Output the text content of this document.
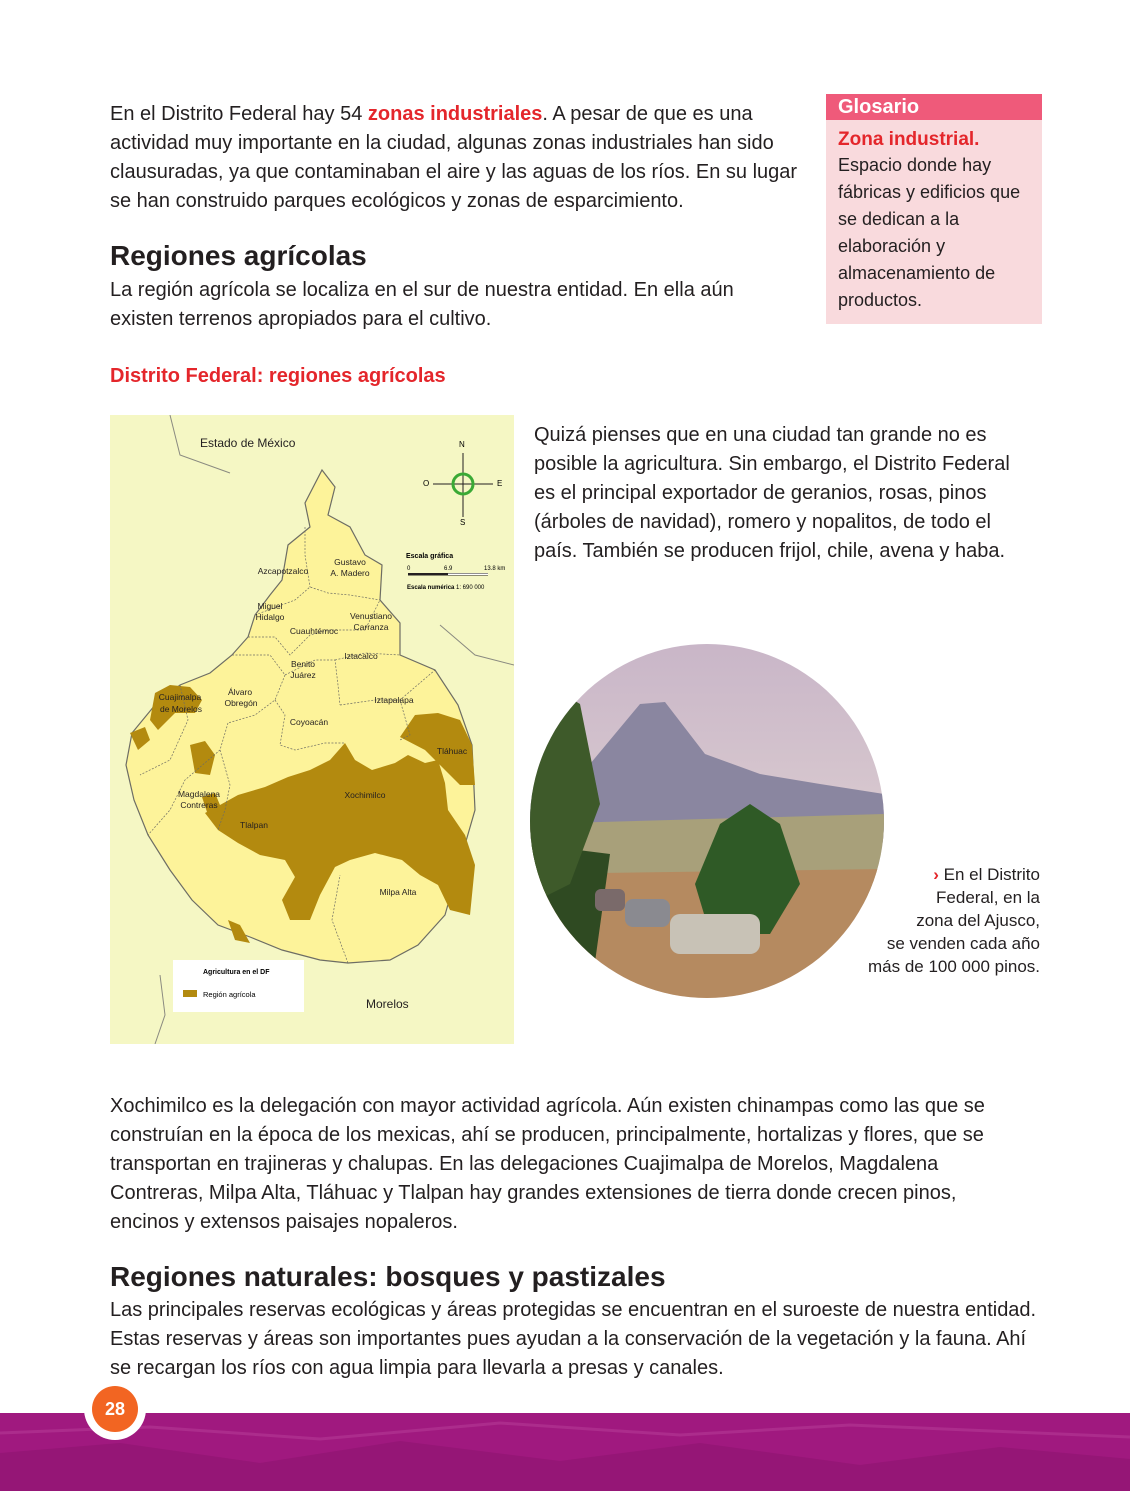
En el Distrito Federal hay 54 zonas industriales. A pesar de que es una actividad muy importante en la ciudad, algunas zonas industriales han sido clausuradas, ya que contaminaban el aire y las aguas de los ríos. En su lugar se han construido parques ecológicos y zonas de esparcimiento.

Glosario
Zona industrial.
Espacio donde hay fábricas y edificios que se dedican a la elaboración y almacenamiento de productos.
Regiones agrícolas

La región agrícola se localiza en el sur de nuestra entidad. En ella aún existen terrenos apropiados para el cultivo.

Distrito Federal: regiones agrícolas
Estado de México
Morelos
N
S
E
O
Escala gráfica
0	6.9	13.8 km
Escala numérica 1: 690 000
Azcapotzalco
Gustavo
A. Madero
Miguel
Hidalgo
Cuauhtémoc
Venustiano
Carranza
Benito
Juárez
Iztacalco
Cuajimalpa
de Morelos
Álvaro
Obregón	Iztapalapa
Coyoacán
Tláhuac
Magdalena
Contreras
Xochimilco
Tlalpan
Milpa Alta
Agricultura en el DF
Región agrícola

Quizá pienses que en una ciudad tan grande no es posible la agricultura. Sin embargo, el Distrito Federal es el principal exportador de geranios, rosas, pinos (árboles de navidad), romero y nopalitos, de todo el país. También se producen frijol, chile, avena y haba.

› En el Distrito
Federal, en la
zona del Ajusco,
se venden cada año
más de 100 000 pinos.

Xochimilco es la delegación con mayor actividad agrícola. Aún existen chinampas como las que se construían en la época de los mexicas, ahí se producen, principalmente, hortalizas y flores, que se transportan en trajineras y chalupas. En las delegaciones Cuajimalpa de Morelos, Magdalena Contreras, Milpa Alta, Tláhuac y Tlalpan hay grandes extensiones de tierra donde crecen pinos, encinos y extensos paisajes nopaleros.

Regiones naturales: bosques y pastizales

Las principales reservas ecológicas y áreas protegidas se encuentran en el suroeste de nuestra entidad. Estas reservas y áreas son importantes pues ayudan a la conservación de la vegetación y la fauna. Ahí se recargan los ríos con agua limpia para llevarla a presas y canales.

28
